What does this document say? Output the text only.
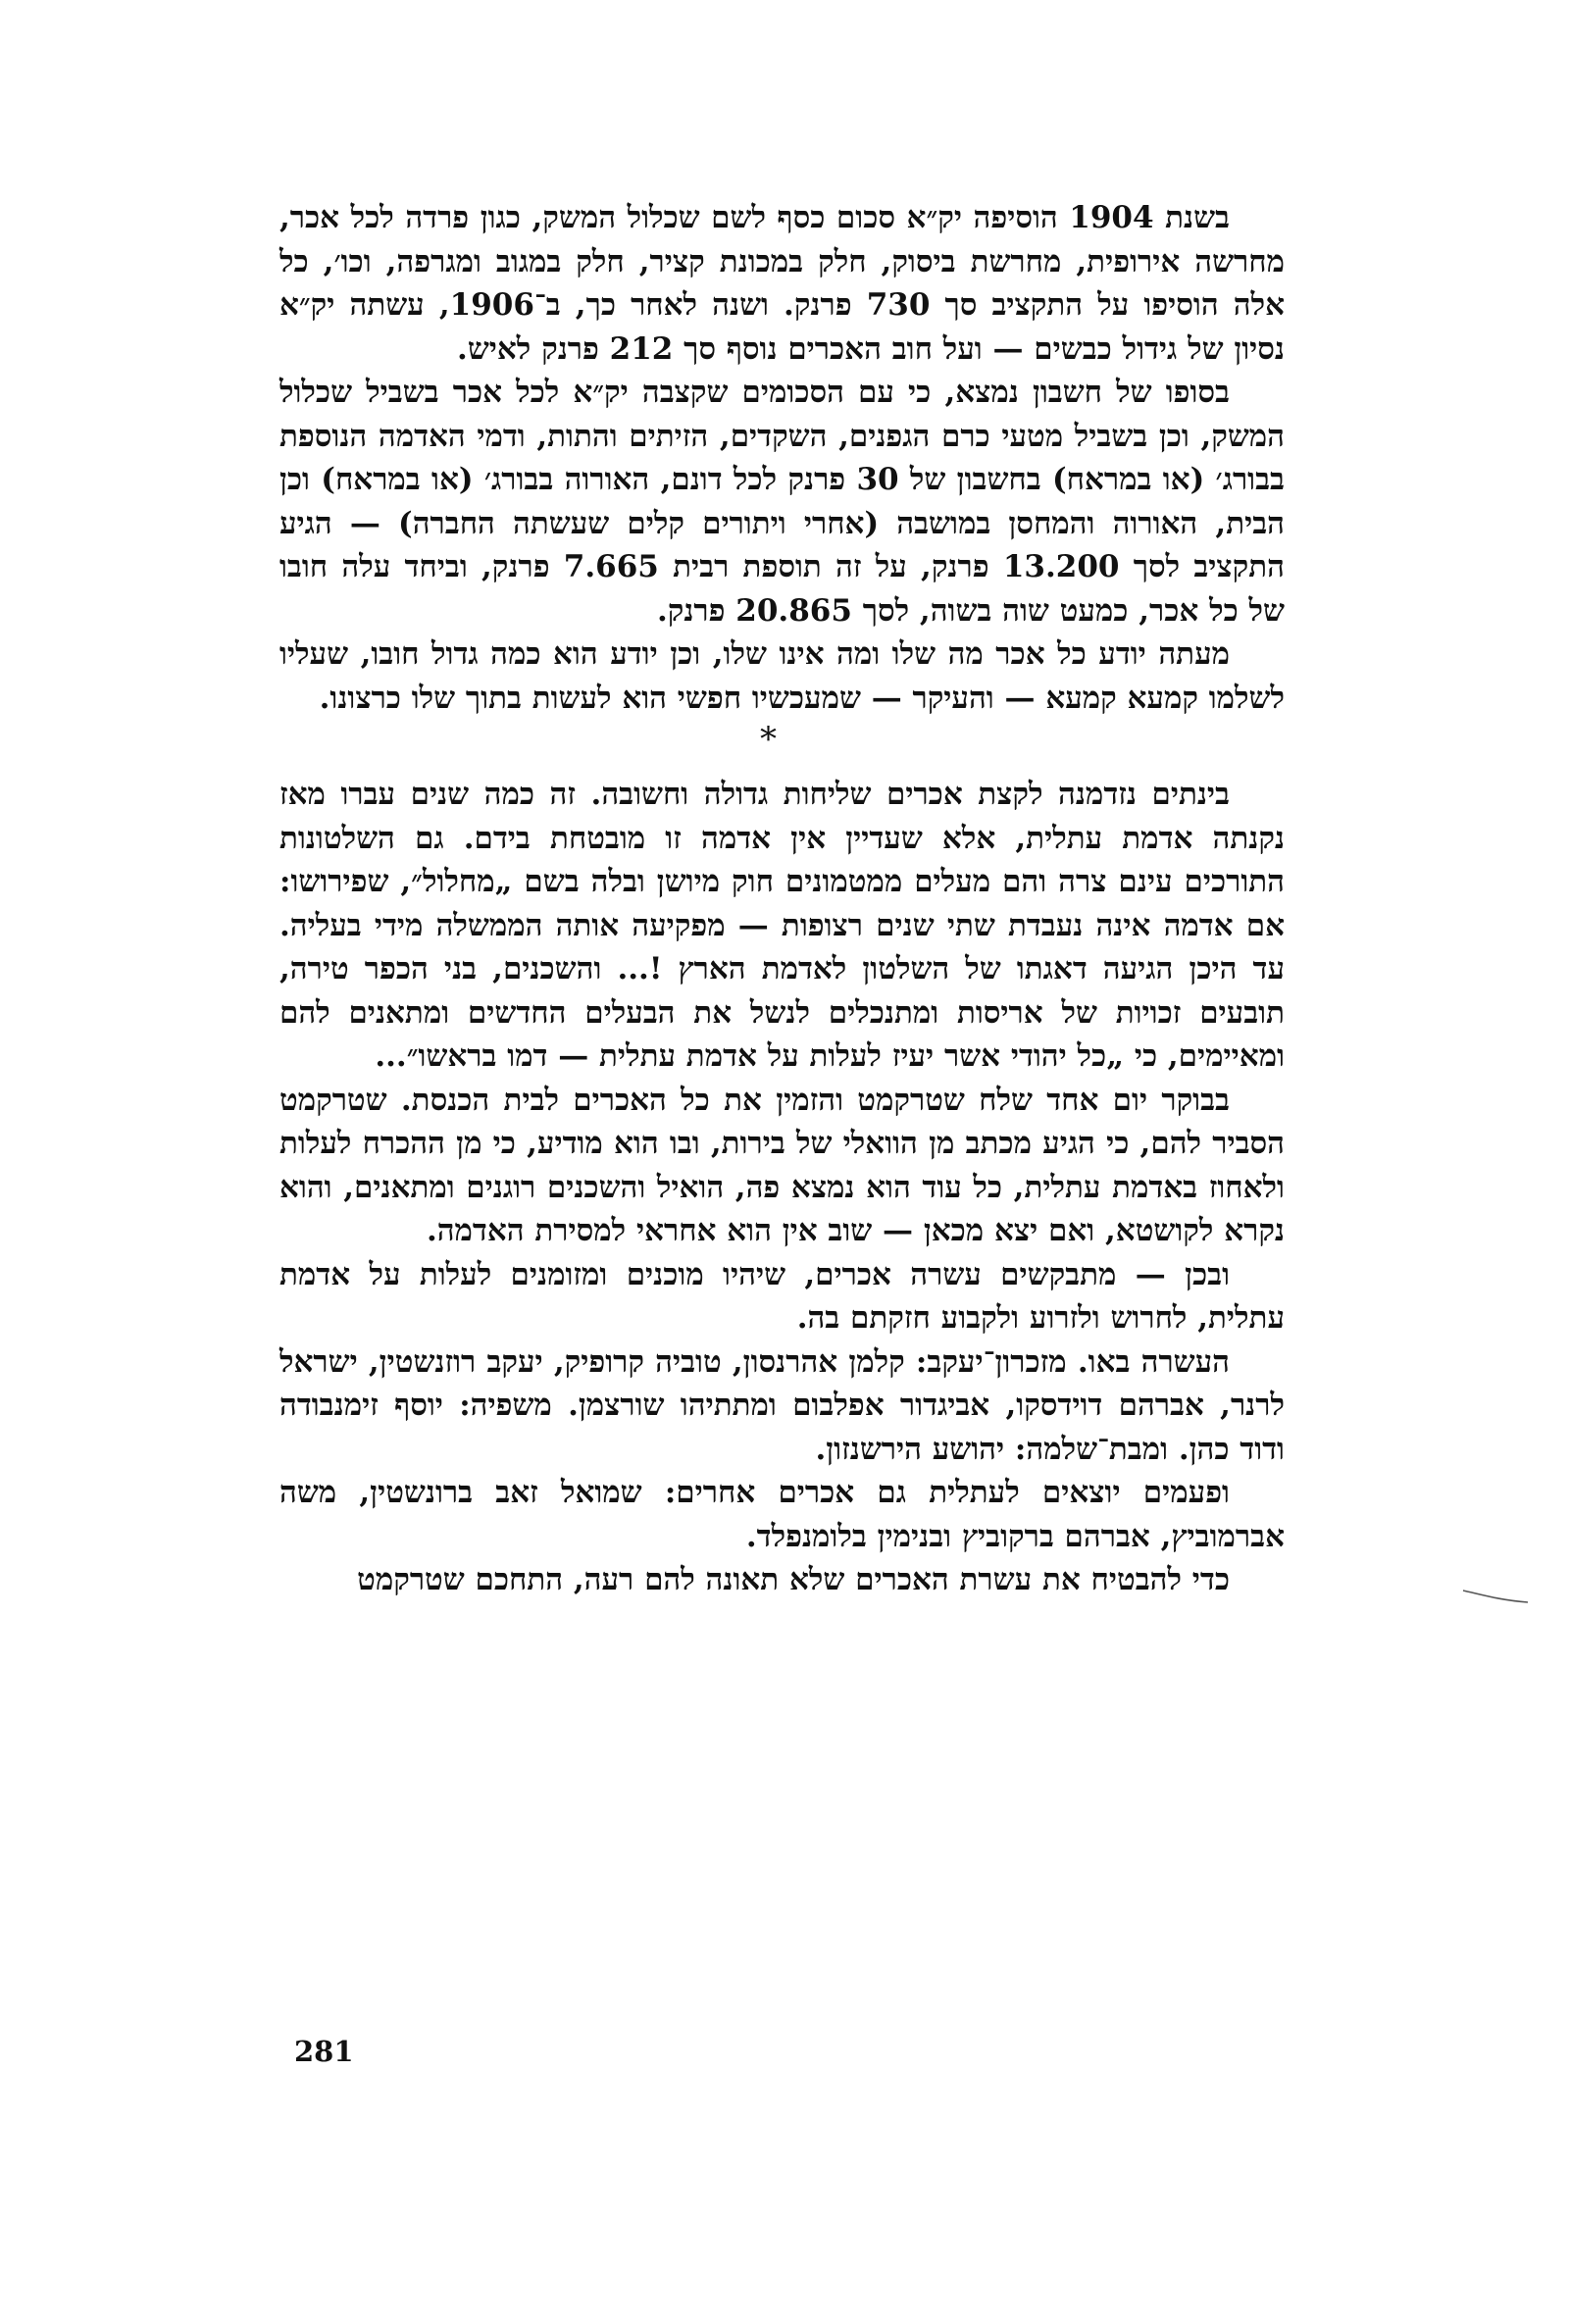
בשנת 1904 הוסיפה יק״א סכום כסף לשם שכלול המשק, כגון פרדה לכל אכר, מחרשה אירופית, מחרשת ביסוק, חלק במכונת קציר, חלק במגוב ומגרפה, וכו׳, כל אלה הוסיפו על התקציב סך 730 פרנק. ושנה לאחר כך, ב־1906, עשתה יק״א נסיון של גידול כבשים — ועל חוב האכרים נוסף סך 212 פרנק לאיש.

בסופו של חשבון נמצא, כי עם הסכומים שקצבה יק״א לכל אכר בשביל שכלול המשק, וכן בשביל מטעי כרם הגפנים, השקדים, הזיתים והתות, ודמי האדמה הנוספת בבורג׳ (או במראח) בחשבון של 30 פרנק לכל דונם, האורוה בבורג׳ (או במראח) וכן הבית, האורוה והמחסן במושבה (אחרי ויתורים קלים שעשתה החברה) — הגיע התקציב לסך 13.200 פרנק, על זה תוספת רבית 7.665 פרנק, וביחד עלה חובו של כל אכר, כמעט שוה בשוה, לסך 20.865 פרנק.

מעתה יודע כל אכר מה שלו ומה אינו שלו, וכן יודע הוא כמה גדול חובו, שעליו לשלמו קמעא קמעא — והעיקר — שמעכשיו חפשי הוא לעשות בתוך שלו כרצונו.

*

בינתים נזדמנה לקצת אכרים שליחות גדולה וחשובה. זה כמה שנים עברו מאז נקנתה אדמת עתלית, אלא שעדיין אין אדמה זו מובטחת בידם. גם השלטונות התורכים עינם צרה והם מעלים ממטמונים חוק מיושן ובלה בשם „מחלול״, שפירושו: אם אדמה אינה נעבדת שתי שנים רצופות — מפקיעה אותה הממשלה מידי בעליה. עד היכן הגיעה דאגתו של השלטון לאדמת הארץ !... והשכנים, בני הכפר טירה, תובעים זכויות של אריסות ומתנכלים לנשל את הבעלים החדשים ומתאנים להם ומאיימים, כי „כל יהודי אשר יעיז לעלות על אדמת עתלית — דמו בראשו״...

בבוקר יום אחד שלח שטרקמט והזמין את כל האכרים לבית הכנסת. שטרקמט הסביר להם, כי הגיע מכתב מן הוואלי של בירות, ובו הוא מודיע, כי מן ההכרח לעלות ולאחוז באדמת עתלית, כל עוד הוא נמצא פה, הואיל והשכנים רוגנים ומתאנים, והוא נקרא לקושטא, ואם יצא מכאן — שוב אין הוא אחראי למסירת האדמה.

ובכן — מתבקשים עשרה אכרים, שיהיו מוכנים ומזומנים לעלות על אדמת עתלית, לחרוש ולזרוע ולקבוע חזקתם בה.

העשרה באו. מזכרון־יעקב: קלמן אהרנסון, טוביה קרופיק, יעקב רוזנשטין, ישראל לרנר, אברהם דוידסקו, אביגדור אפלבום ומתתיהו שורצמן. משפיה: יוסף זימנבודה ודוד כהן. ומבת־שלמה: יהושע הירשנזון.

ופעמים יוצאים לעתלית גם אכרים אחרים: שמואל זאב ברונשטין, משה אברמוביץ, אברהם ברקוביץ ובנימין בלומנפלד.

כדי להבטיח את עשרת האכרים שלא תאונה להם רעה, התחכם שטרקמט

281
